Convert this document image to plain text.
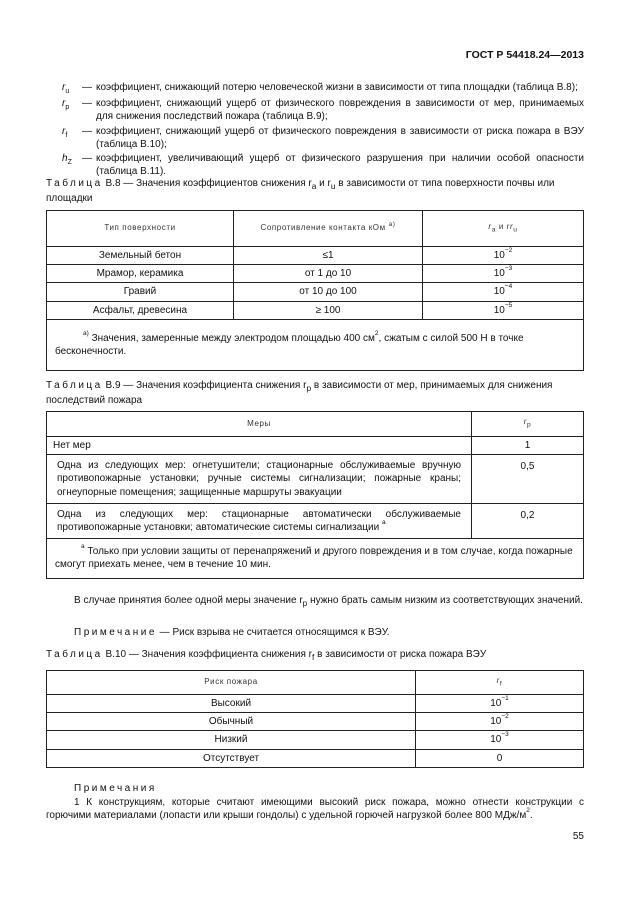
ГОСТ Р 54418.24—2013
$r_u$	— коэффициент, снижающий потерю человеческой жизни в зависимости от типа площадки (таблица В.8);
$r_p$	— коэффициент, снижающий ущерб от физического повреждения в зависимости от мер, принимаемых для снижения последствий пожара (таблица В.9);
$r_f$	— коэффициент, снижающий ущерб от физического повреждения в зависимости от риска пожара в ВЭУ (таблица В.10);
$h_Z$	— коэффициент, увеличивающий ущерб от физического разрушения при наличии особой опасности (таблица В.11).
Таблица В.8 — Значения коэффициентов снижения $r_a$ и $r_u$ в зависимости от типа поверхности почвы или площадки
Тип поверхности	Сопротивление контакта кОм $^{a)}$	$r_a$ и $rr_u$
Земельный бетон	≤1	$10^{-2}$
Мрамор, керамика	от 1 до 10	$10^{-3}$
Гравий	от 10 до 100	$10^{-4}$
Асфальт, древесина	≥ 100	$10^{-5}$
$^{a)}$ Значения, замеренные между электродом площадью 400 $см^2$, сжатым с силой 500 Н в точке бесконечности.		
Таблица В.9 — Значения коэффициента снижения $r_p$ в зависимости от мер, принимаемых для снижения последствий пожара
Меры	$r_p$
Нет мер	1
Одна из следующих мер: огнетушители; стационарные обслуживаемые вручную противопожарные установки; ручные системы сигнализации; пожарные краны; огнеупорные помещения; защищенные маршруты эвакуации	0,5
Одна из следующих мер: стационарные автоматически обслуживаемые противопожарные установки; автоматические системы сигнализации $^a$	0,2
$^a$ Только при условии защиты от перенапряжений и другого повреждения и в том случае, когда пожарные смогут приехать менее, чем в течение 10 мин.	
В случае принятия более одной меры значение $r_p$ нужно брать самым низким из соответствующих значений.
Примечание — Риск взрыва не считается относящимся к ВЭУ.
Таблица В.10 — Значения коэффициента снижения $r_f$ в зависимости от риска пожара ВЭУ
Риск пожара	$r_f$
Высокий	$10^{-1}$
Обычный	$10^{-2}$
Низкий	$10^{-3}$
Отсутствует	0
Примечания
1 К конструкциям, которые считают имеющими высокий риск пожара, можно отнести конструкции с горючими материалами (лопасти или крыши гондолы) с удельной горючей нагрузкой более 800 МДж/$м^2$.
55
